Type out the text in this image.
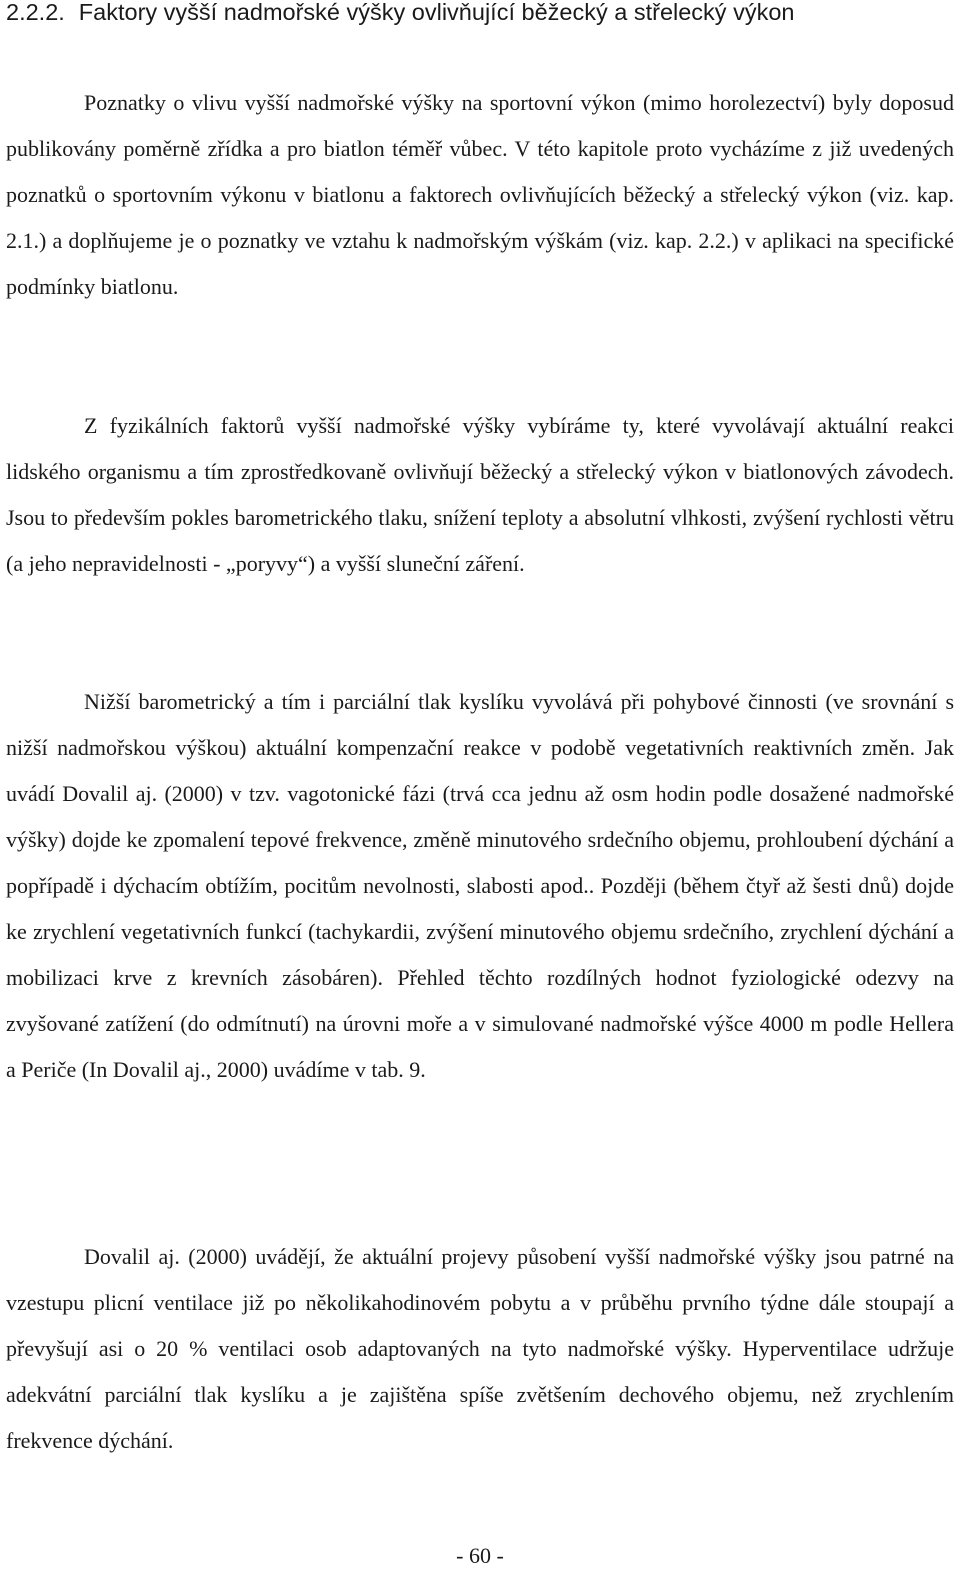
2.2.2. Faktory vyšší nadmořské výšky ovlivňující běžecký a střelecký výkon

Poznatky o vlivu vyšší nadmořské výšky na sportovní výkon (mimo horolezectví) byly doposud publikovány poměrně zřídka a pro biatlon téměř vůbec. V této kapitole proto vycházíme z již uvedených poznatků o sportovním výkonu v biatlonu a faktorech ovlivňujících běžecký a střelecký výkon (viz. kap. 2.1.) a doplňujeme je o poznatky ve vztahu k nadmořským výškám (viz. kap. 2.2.) v aplikaci na specifické podmínky biatlonu.

Z fyzikálních faktorů vyšší nadmořské výšky vybíráme ty, které vyvolávají aktuální reakci lidského organismu a tím zprostředkovaně ovlivňují běžecký a střelecký výkon v biatlonových závodech. Jsou to především pokles barometrického tlaku, snížení teploty a absolutní vlhkosti, zvýšení rychlosti větru (a jeho nepravidelnosti - „poryvy“) a vyšší sluneční záření.

Nižší barometrický a tím i parciální tlak kyslíku vyvolává při pohybové činnosti (ve srovnání s nižší nadmořskou výškou) aktuální kompenzační reakce v podobě vegetativních reaktivních změn. Jak uvádí Dovalil aj. (2000) v tzv. vagotonické fázi (trvá cca jednu až osm hodin podle dosažené nadmořské výšky) dojde ke zpomalení tepové frekvence, změně minutového srdečního objemu, prohloubení dýchání a popřípadě i dýchacím obtížím, pocitům nevolnosti, slabosti apod.. Později (během čtyř až šesti dnů) dojde ke zrychlení vegetativních funkcí (tachykardii, zvýšení minutového objemu srdečního, zrychlení dýchání a mobilizaci krve z krevních zásobáren). Přehled těchto rozdílných hodnot fyziologické odezvy na zvyšované zatížení (do odmítnutí) na úrovni moře a v simulované nadmořské výšce 4000 m podle Hellera a Periče (In Dovalil aj., 2000) uvádíme v tab. 9.

Dovalil aj. (2000) uvádějí, že aktuální projevy působení vyšší nadmořské výšky jsou patrné na vzestupu plicní ventilace již po několikahodinovém pobytu a v průběhu prvního týdne dále stoupají a převyšují asi o 20 % ventilaci osob adaptovaných na tyto nadmořské výšky. Hyperventilace udržuje adekvátní parciální tlak kyslíku a je zajištěna spíše zvětšením dechového objemu, než zrychlením frekvence dýchání.

- 60 -
